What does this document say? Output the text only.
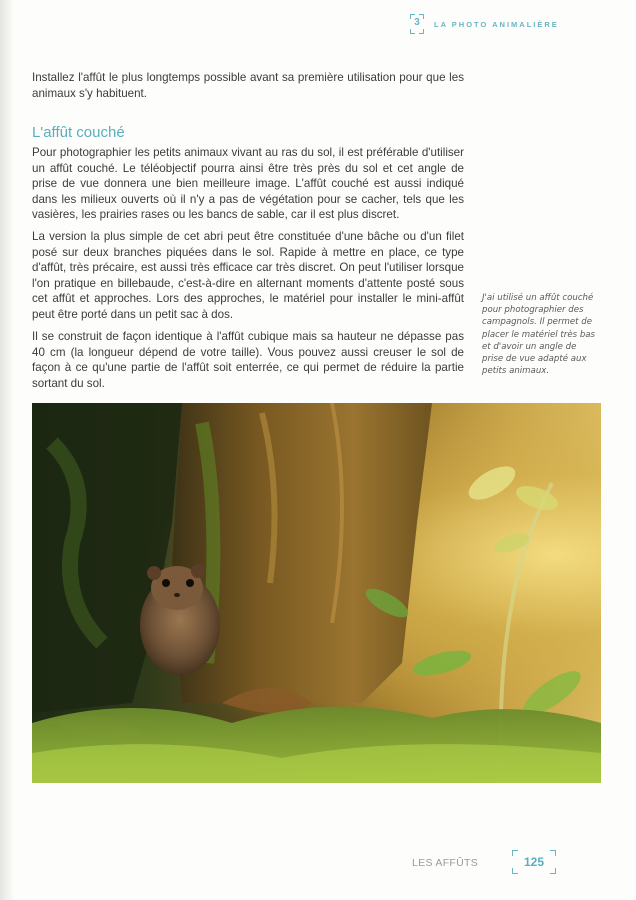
3	LA PHOTO ANIMALIÈRE

Installez l'affût le plus longtemps possible avant sa première utilisation pour que les animaux s'y habituent.

L'affût couché

Pour photographier les petits animaux vivant au ras du sol, il est préférable d'utiliser un affût couché. Le téléobjectif pourra ainsi être très près du sol et cet angle de prise de vue donnera une bien meilleure image. L'affût couché est aussi indiqué dans les milieux ouverts où il n'y a pas de végétation pour se cacher, tels que les vasières, les prairies rases ou les bancs de sable, car il est plus discret.

La version la plus simple de cet abri peut être constituée d'une bâche ou d'un filet posé sur deux branches piquées dans le sol. Rapide à mettre en place, ce type d'affût, très précaire, est aussi très efficace car très discret. On peut l'utiliser lorsque l'on pratique en billebaude, c'est-à-dire en alternant moments d'attente posté sous cet affût et approches. Lors des approches, le matériel pour installer le mini-affût peut être porté dans un petit sac à dos.

Il se construit de façon identique à l'affût cubique mais sa hauteur ne dépasse pas 40 cm (la longueur dépend de votre taille). Vous pouvez aussi creuser le sol de façon à ce qu'une partie de l'affût soit enterrée, ce qui permet de réduire la partie sortant du sol.

J'ai utilisé un affût couché pour photographier des campagnols. Il permet de placer le matériel très bas et d'avoir un angle de prise de vue adapté aux petits animaux.

LES AFFÛTS	125
